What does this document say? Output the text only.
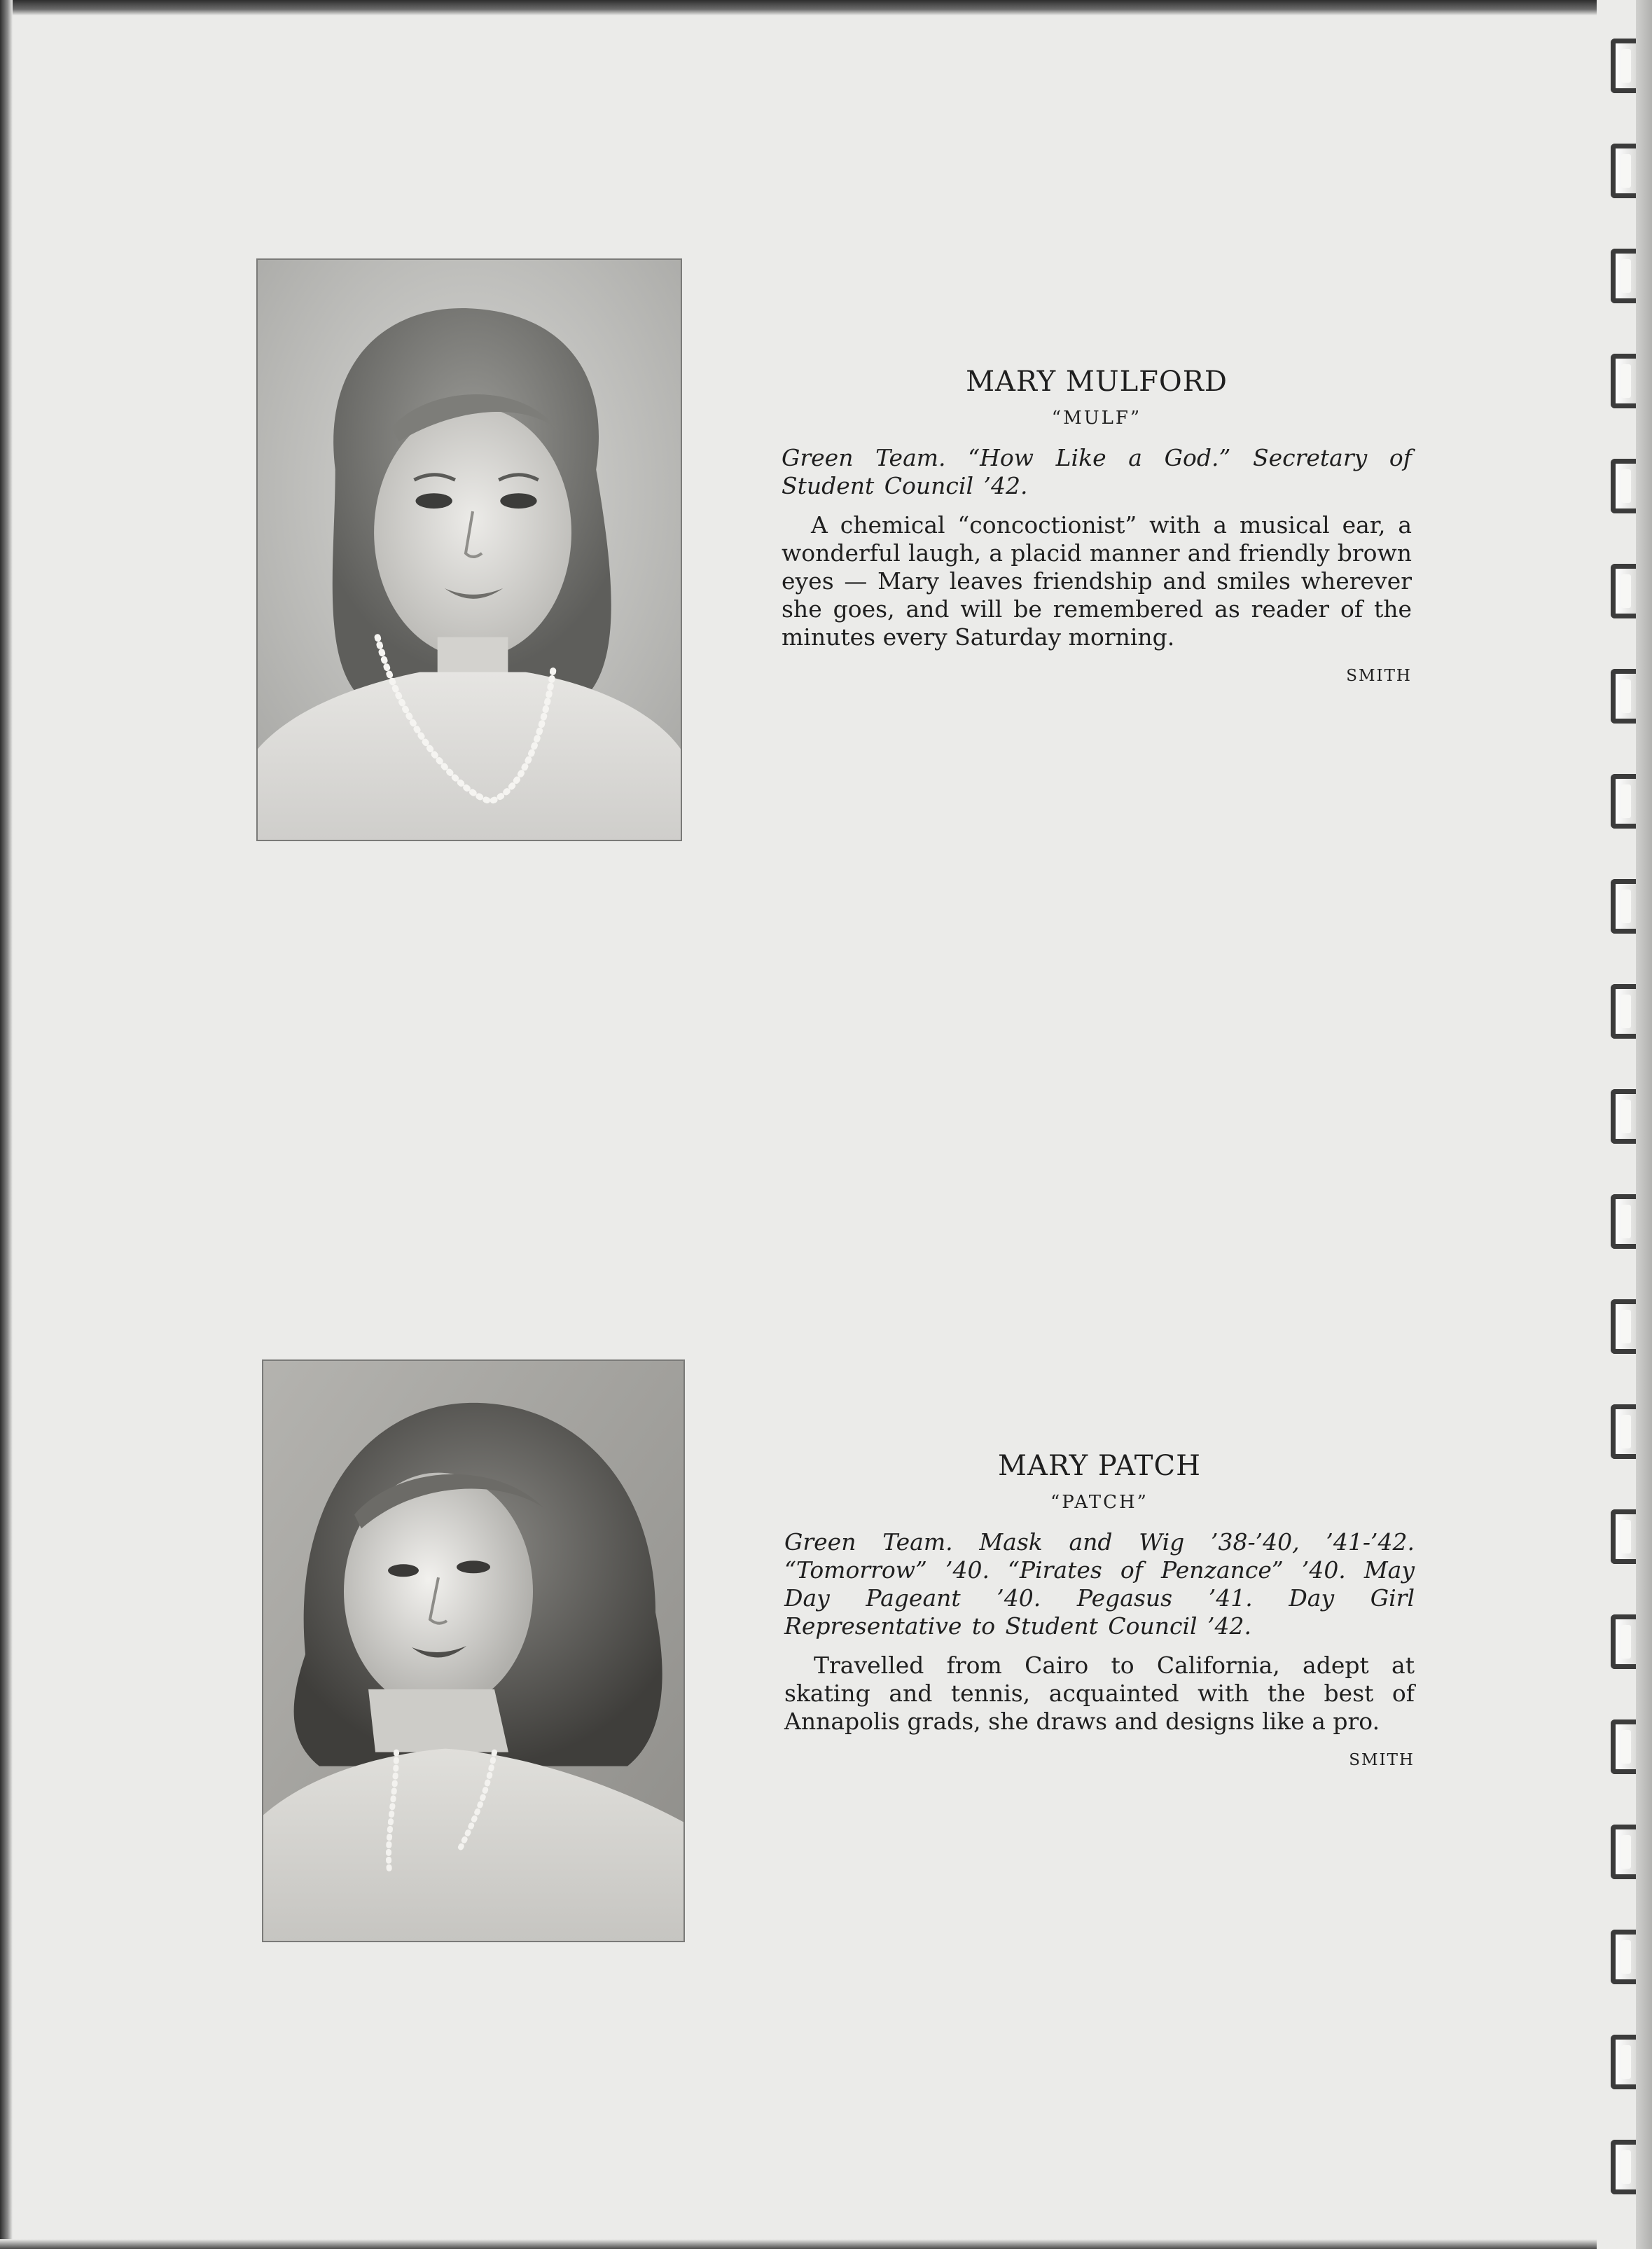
MARY MULFORD
“MULF”

Green Team. “How Like a God.” Secretary of Student Council ’42.

A chemical “concoctionist” with a musical ear, a wonderful laugh, a placid manner and friendly brown eyes — Mary leaves friendship and smiles wherever she goes, and will be remembered as reader of the minutes every Saturday morning.

SMITH

MARY PATCH
“PATCH”

Green Team. Mask and Wig ’38-’40, ’41-’42. “Tomorrow” ’40. “Pirates of Penzance” ’40. May Day Pageant ’40. Pegasus ’41. Day Girl Representative to Student Council ’42.

Travelled from Cairo to California, adept at skating and tennis, acquainted with the best of Annapolis grads, she draws and designs like a pro.

SMITH
